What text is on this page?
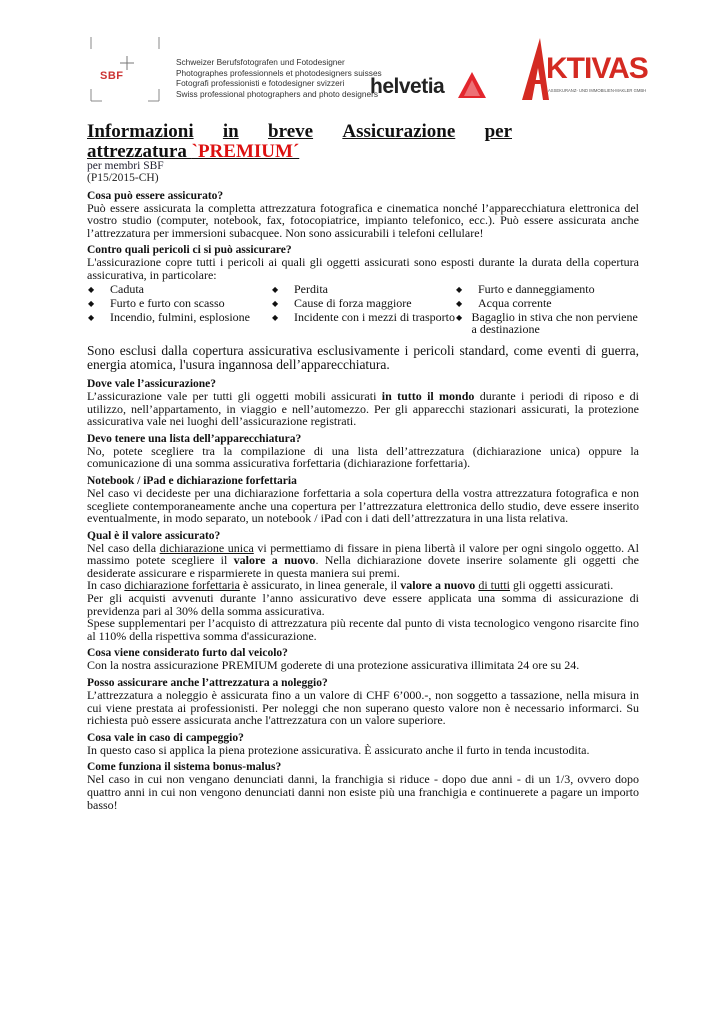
SBF
Schweizer Berufsfotografen und Fotodesigner
Photographes professionnels et photodesigners suisses
Fotografi professionisti e fotodesigner svizzeri
Swiss professional photographers and photo designers
helvetia
KTIVAS
ASSEKURANZ- UND IMMOBILIEN-MAKLER GMBH
Informazioni in breve Assicurazione per
attrezzatura `PREMIUM´
per membri SBF
(P15/2015-CH)
Cosa può essere assicurato?
Può essere assicurata la completta attrezzatura fotografica e cinematica nonché l’apparecchiatura elettronica del vostro studio (computer, notebook, fax, fotocopiatrice, impianto telefonico, ecc.). Può essere assicurata anche l’attrezzatura per immersioni subacquee. Non sono assicurabili i telefoni cellulare!
Contro quali pericoli ci si può assicurare?
L'assicurazione copre tutti i pericoli ai quali gli oggetti assicurati sono esposti durante la durata della copertura assicurativa, in particolare:
◆	Caduta
◆	Furto e furto con scasso
◆	Incendio, fulmini, esplosione
◆	Perdita
◆	Cause di forza maggiore
◆	Incidente con i mezzi di trasporto
◆	Furto e danneggiamento
◆	Acqua corrente
◆ Bagaglio in stiva che non perviene a destinazione
Sono esclusi dalla copertura assicurativa esclusivamente i pericoli standard, come eventi di guerra, energia atomica, l'usura ingannosa dell’apparecchiatura.
Dove vale l’assicurazione?
L’assicurazione vale per tutti gli oggetti mobili assicurati in tutto il mondo durante i periodi di riposo e di utilizzo, nell’appartamento, in viaggio e nell’automezzo. Per gli apparecchi stazionari assicurati, la protezione assicurativa vale nei luoghi dell’assicurazione registrati.
Devo tenere una lista dell’apparecchiatura?
No, potete scegliere tra la compilazione di una lista dell’attrezzatura (dichiarazione unica) oppure la comunicazione di una somma assicurativa forfettaria (dichiarazione forfettaria).
Notebook / iPad e dichiarazione forfettaria
Nel caso vi decideste per una dichiarazione forfettaria a sola copertura della vostra attrezzatura fotografica e non scegliete contemporaneamente anche una copertura per l’attrezzatura elettronica dello studio, deve essere inserito eventualmente, in modo separato, un notebook / iPad con i dati dell’attrezzatura in una lista relativa.
Qual è il valore assicurato?
Nel caso della dichiarazione unica vi permettiamo di fissare in piena libertà il valore per ogni singolo oggetto. Al massimo potete scegliere il valore a nuovo. Nella dichiarazione dovete inserire solamente gli oggetti che desiderate assicurare e risparmierete in questa maniera sui premi.
In caso dichiarazione forfettaria è assicurato, in linea generale, il valore a nuovo di tutti gli oggetti assicurati.
Per gli acquisti avvenuti durante l’anno assicurativo deve essere applicata una somma di assicurazione di previdenza pari al 30% della somma assicurativa.
Spese supplementari per l’acquisto di attrezzatura più recente dal punto di vista tecnologico vengono risarcite fino al 110% della rispettiva somma d'assicurazione.
Cosa viene considerato furto dal veicolo?
Con la nostra assicurazione PREMIUM goderete di una protezione assicurativa illimitata 24 ore su 24.
Posso assicurare anche l’attrezzatura a noleggio?
L’attrezzatura a noleggio è assicurata fino a un valore di CHF 6’000.-, non soggetto a tassazione, nella misura in cui viene prestata ai professionisti. Per noleggi che non superano questo valore non è necessario informarci. Su richiesta può essere assicurata anche l'attrezzatura con un valore superiore.
Cosa vale in caso di campeggio?
In questo caso si applica la piena protezione assicurativa. È assicurato anche il furto in tenda incustodita.
Come funziona il sistema bonus-malus?
Nel caso in cui non vengano denunciati danni, la franchigia si riduce - dopo due anni - di un 1/3, ovvero dopo quattro anni in cui non vengono denunciati danni non esiste più una franchigia e continuerete a pagare un importo basso!
